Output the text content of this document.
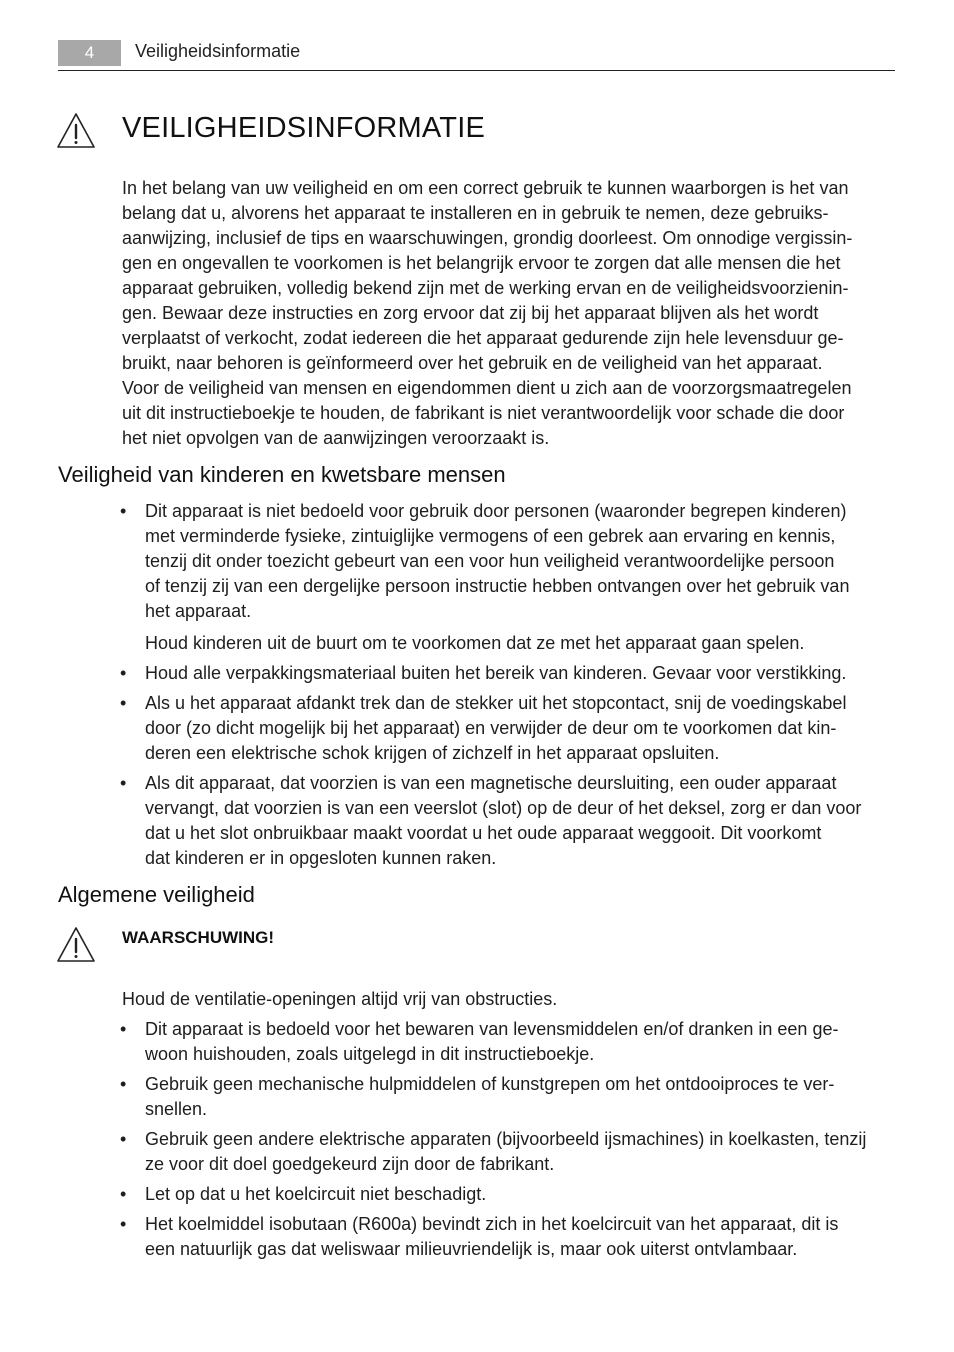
4	Veiligheidsinformatie
VEILIGHEIDSINFORMATIE
In het belang van uw veiligheid en om een correct gebruik te kunnen waarborgen is het van
belang dat u, alvorens het apparaat te installeren en in gebruik te nemen, deze gebruiks-
aanwijzing, inclusief de tips en waarschuwingen, grondig doorleest. Om onnodige vergissin-
gen en ongevallen te voorkomen is het belangrijk ervoor te zorgen dat alle mensen die het
apparaat gebruiken, volledig bekend zijn met de werking ervan en de veiligheidsvoorzienin-
gen. Bewaar deze instructies en zorg ervoor dat zij bij het apparaat blijven als het wordt
verplaatst of verkocht, zodat iedereen die het apparaat gedurende zijn hele levensduur ge-
bruikt, naar behoren is geïnformeerd over het gebruik en de veiligheid van het apparaat.
Voor de veiligheid van mensen en eigendommen dient u zich aan de voorzorgsmaatregelen
uit dit instructieboekje te houden, de fabrikant is niet verantwoordelijk voor schade die door
het niet opvolgen van de aanwijzingen veroorzaakt is.
Veiligheid van kinderen en kwetsbare mensen
• Dit apparaat is niet bedoeld voor gebruik door personen (waaronder begrepen kinderen)
met verminderde fysieke, zintuiglijke vermogens of een gebrek aan ervaring en kennis,
tenzij dit onder toezicht gebeurt van een voor hun veiligheid verantwoordelijke persoon
of tenzij zij van een dergelijke persoon instructie hebben ontvangen over het gebruik van
het apparaat.
Houd kinderen uit de buurt om te voorkomen dat ze met het apparaat gaan spelen.
• Houd alle verpakkingsmateriaal buiten het bereik van kinderen. Gevaar voor verstikking.
• Als u het apparaat afdankt trek dan de stekker uit het stopcontact, snij de voedingskabel
door (zo dicht mogelijk bij het apparaat) en verwijder de deur om te voorkomen dat kin-
deren een elektrische schok krijgen of zichzelf in het apparaat opsluiten.
• Als dit apparaat, dat voorzien is van een magnetische deursluiting, een ouder apparaat
vervangt, dat voorzien is van een veerslot (slot) op de deur of het deksel, zorg er dan voor
dat u het slot onbruikbaar maakt voordat u het oude apparaat weggooit. Dit voorkomt
dat kinderen er in opgesloten kunnen raken.
Algemene veiligheid
WAARSCHUWING!
Houd de ventilatie-openingen altijd vrij van obstructies.
• Dit apparaat is bedoeld voor het bewaren van levensmiddelen en/of dranken in een ge-
woon huishouden, zoals uitgelegd in dit instructieboekje.
• Gebruik geen mechanische hulpmiddelen of kunstgrepen om het ontdooiproces te ver-
snellen.
• Gebruik geen andere elektrische apparaten (bijvoorbeeld ijsmachines) in koelkasten, tenzij
ze voor dit doel goedgekeurd zijn door de fabrikant.
• Let op dat u het koelcircuit niet beschadigt.
• Het koelmiddel isobutaan (R600a) bevindt zich in het koelcircuit van het apparaat, dit is
een natuurlijk gas dat weliswaar milieuvriendelijk is, maar ook uiterst ontvlambaar.
